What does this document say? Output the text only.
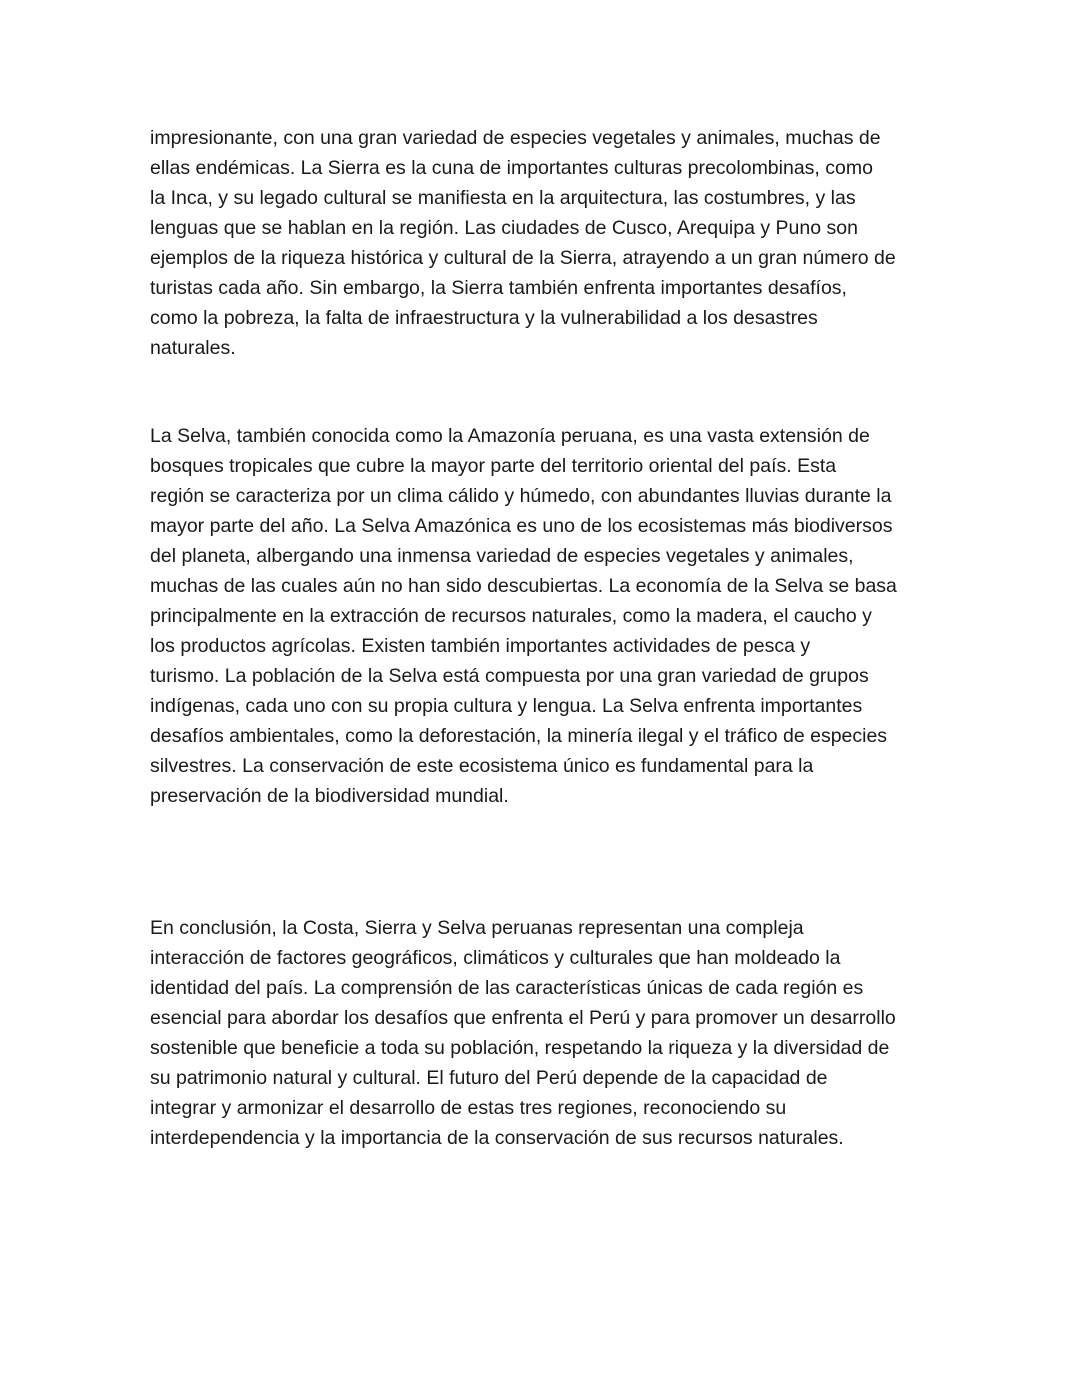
impresionante, con una gran variedad de especies vegetales y animales, muchas de
ellas endémicas. La Sierra es la cuna de importantes culturas precolombinas, como
la Inca, y su legado cultural se manifiesta en la arquitectura, las costumbres, y las
lenguas que se hablan en la región. Las ciudades de Cusco, Arequipa y Puno son
ejemplos de la riqueza histórica y cultural de la Sierra, atrayendo a un gran número de
turistas cada año. Sin embargo, la Sierra también enfrenta importantes desafíos,
como la pobreza, la falta de infraestructura y la vulnerabilidad a los desastres
naturales.

La Selva, también conocida como la Amazonía peruana, es una vasta extensión de
bosques tropicales que cubre la mayor parte del territorio oriental del país. Esta
región se caracteriza por un clima cálido y húmedo, con abundantes lluvias durante la
mayor parte del año. La Selva Amazónica es uno de los ecosistemas más biodiversos
del planeta, albergando una inmensa variedad de especies vegetales y animales,
muchas de las cuales aún no han sido descubiertas. La economía de la Selva se basa
principalmente en la extracción de recursos naturales, como la madera, el caucho y
los productos agrícolas. Existen también importantes actividades de pesca y
turismo. La población de la Selva está compuesta por una gran variedad de grupos
indígenas, cada uno con su propia cultura y lengua. La Selva enfrenta importantes
desafíos ambientales, como la deforestación, la minería ilegal y el tráfico de especies
silvestres. La conservación de este ecosistema único es fundamental para la
preservación de la biodiversidad mundial.

En conclusión, la Costa, Sierra y Selva peruanas representan una compleja
interacción de factores geográficos, climáticos y culturales que han moldeado la
identidad del país. La comprensión de las características únicas de cada región es
esencial para abordar los desafíos que enfrenta el Perú y para promover un desarrollo
sostenible que beneficie a toda su población, respetando la riqueza y la diversidad de
su patrimonio natural y cultural. El futuro del Perú depende de la capacidad de
integrar y armonizar el desarrollo de estas tres regiones, reconociendo su
interdependencia y la importancia de la conservación de sus recursos naturales.
